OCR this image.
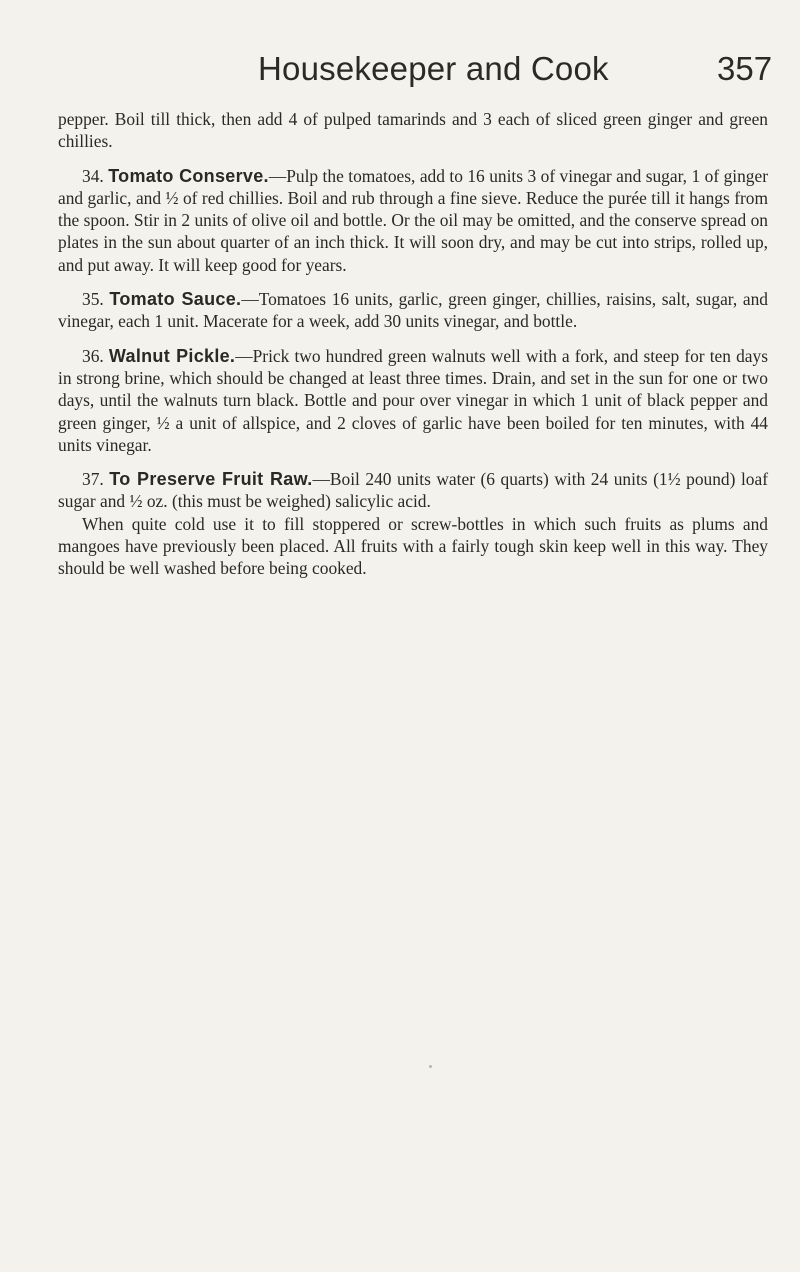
Housekeeper and Cook	357

pepper. Boil till thick, then add 4 of pulped tamarinds and 3 each of sliced green ginger and green chillies.

34. Tomato Conserve.—Pulp the tomatoes, add to 16 units 3 of vinegar and sugar, 1 of ginger and garlic, and ½ of red chillies. Boil and rub through a fine sieve. Reduce the purée till it hangs from the spoon. Stir in 2 units of olive oil and bottle. Or the oil may be omitted, and the conserve spread on plates in the sun about quarter of an inch thick. It will soon dry, and may be cut into strips, rolled up, and put away. It will keep good for years.

35. Tomato Sauce.—Tomatoes 16 units, garlic, green ginger, chillies, raisins, salt, sugar, and vinegar, each 1 unit. Macerate for a week, add 30 units vinegar, and bottle.

36. Walnut Pickle.—Prick two hundred green walnuts well with a fork, and steep for ten days in strong brine, which should be changed at least three times. Drain, and set in the sun for one or two days, until the walnuts turn black. Bottle and pour over vinegar in which 1 unit of black pepper and green ginger, ½ a unit of allspice, and 2 cloves of garlic have been boiled for ten minutes, with 44 units vinegar.

37. To Preserve Fruit Raw.—Boil 240 units water (6 quarts) with 24 units (1½ pound) loaf sugar and ½ oz. (this must be weighed) salicylic acid.

When quite cold use it to fill stoppered or screw-bottles in which such fruits as plums and mangoes have previously been placed. All fruits with a fairly tough skin keep well in this way. They should be well washed before being cooked.
